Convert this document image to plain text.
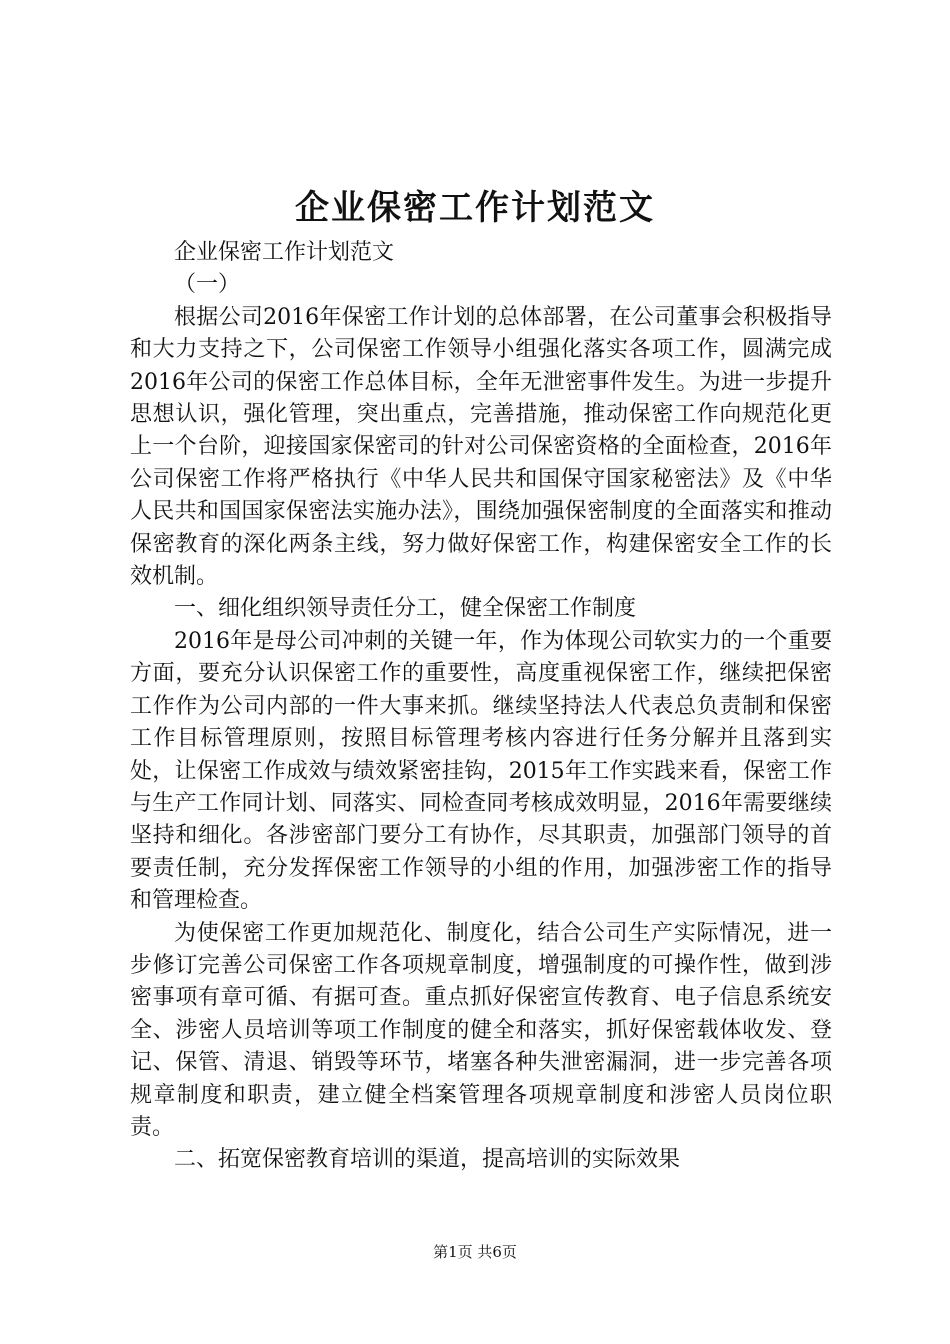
企业保密工作计划范文

企业保密工作计划范文

（一）

根据公司2016年保密工作计划的总体部署，在公司董事会积极指导和大力支持之下，公司保密工作领导小组强化落实各项工作，圆满完成2016年公司的保密工作总体目标，全年无泄密事件发生。为进一步提升思想认识，强化管理，突出重点，完善措施，推动保密工作向规范化更上一个台阶，迎接国家保密司的针对公司保密资格的全面检查，2016年公司保密工作将严格执行《中华人民共和国保守国家秘密法》及《中华人民共和国国家保密法实施办法》，围绕加强保密制度的全面落实和推动保密教育的深化两条主线，努力做好保密工作，构建保密安全工作的长效机制。

一、细化组织领导责任分工，健全保密工作制度

2016年是母公司冲刺的关键一年，作为体现公司软实力的一个重要方面，要充分认识保密工作的重要性，高度重视保密工作，继续把保密工作作为公司内部的一件大事来抓。继续坚持法人代表总负责制和保密工作目标管理原则，按照目标管理考核内容进行任务分解并且落到实处，让保密工作成效与绩效紧密挂钩，2015年工作实践来看，保密工作与生产工作同计划、同落实、同检查同考核成效明显，2016年需要继续坚持和细化。各涉密部门要分工有协作，尽其职责，加强部门领导的首要责任制，充分发挥保密工作领导的小组的作用，加强涉密工作的指导和管理检查。

为使保密工作更加规范化、制度化，结合公司生产实际情况，进一步修订完善公司保密工作各项规章制度，增强制度的可操作性，做到涉密事项有章可循、有据可查。重点抓好保密宣传教育、电子信息系统安全、涉密人员培训等项工作制度的健全和落实，抓好保密载体收发、登记、保管、清退、销毁等环节，堵塞各种失泄密漏洞，进一步完善各项规章制度和职责，建立健全档案管理各项规章制度和涉密人员岗位职责。

二、拓宽保密教育培训的渠道，提高培训的实际效果

第1页 共6页
